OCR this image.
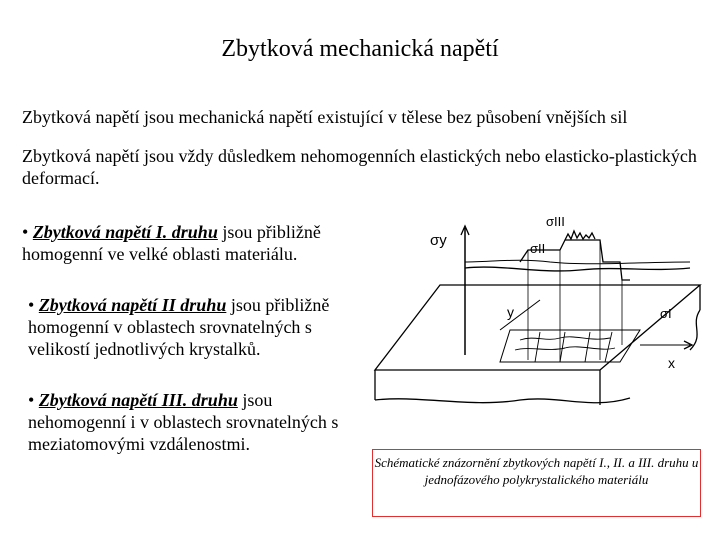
Zbytková mechanická napětí
Zbytková napětí jsou mechanická napětí existující v tělese bez působení vnějších sil
Zbytková napětí jsou vždy důsledkem nehomogenních elastických nebo elasticko-plastických deformací.
• Zbytková napětí I. druhu jsou přibližně homogenní ve velké oblasti materiálu.
• Zbytková napětí II druhu jsou přibližně homogenní v oblastech srovnatelných s velikostí jednotlivých krystalků.
• Zbytková napětí III. druhu jsou nehomogenní i v oblastech srovnatelných s meziatomovými vzdálenostmi.
σy
σIII
σII
σI
y
x
Schématické znázornění zbytkových napětí I., II. a III. druhu u jednofázového polykrystalického materiálu
